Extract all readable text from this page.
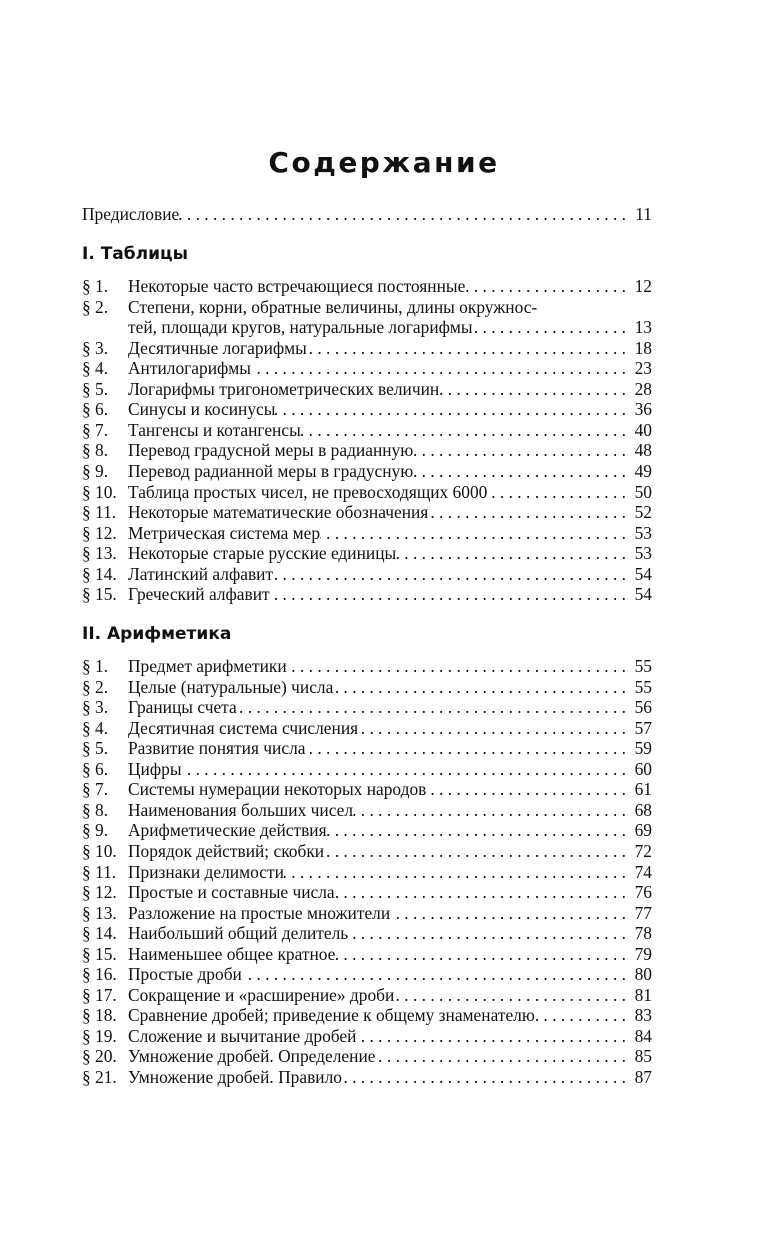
Содержание
Предисловие . . .	11
I. Таблицы
§ 1.	Некоторые часто встречающиеся постоянные . . .	12
§ 2.	Степени, корни, обратные величины, длины окружнос-
тей, площади кругов, натуральные логарифмы . . .	13
§ 3.	Десятичные логарифмы . . .	18
§ 4.	Антилогарифмы . . .	23
§ 5.	Логарифмы тригонометрических величин . . .	28
§ 6.	Синусы и косинусы . . .	36
§ 7.	Тангенсы и котангенсы . . .	40
§ 8.	Перевод градусной меры в радианную . . .	48
§ 9.	Перевод радианной меры в градусную . . .	49
§ 10. Таблица простых чисел, не превосходящих 6000 . . .	50
§ 11. Некоторые математические обозначения . . .	52
§ 12. Метрическая система мер . . .	53
§ 13. Некоторые старые русские единицы . . .	53
§ 14. Латинский алфавит . . .	54
§ 15. Греческий алфавит . . .	54
II. Арифметика
§ 1.	Предмет арифметики . . .	55
§ 2.	Целые (натуральные) числа . . .	55
§ 3.	Границы счета . . .	56
§ 4.	Десятичная система счисления . . .	57
§ 5.	Развитие понятия числа . . .	59
§ 6.	Цифры . . .	60
§ 7.	Системы нумерации некоторых народов . . .	61
§ 8.	Наименования больших чисел . . .	68
§ 9.	Арифметические действия . . .	69
§ 10. Порядок действий; скобки . . .	72
§ 11. Признаки делимости . . .	74
§ 12. Простые и составные числа . . .	76
§ 13. Разложение на простые множители . . .	77
§ 14. Наибольший общий делитель . . .	78
§ 15. Наименьшее общее кратное . . .	79
§ 16. Простые дроби . . .	80
§ 17. Сокращение и «расширение» дроби . . .	81
§ 18. Сравнение дробей; приведение к общему знаменателю . . .	83
§ 19. Сложение и вычитание дробей . . .	84
§ 20. Умножение дробей. Определение . . .	85
§ 21. Умножение дробей. Правило . . .	87
